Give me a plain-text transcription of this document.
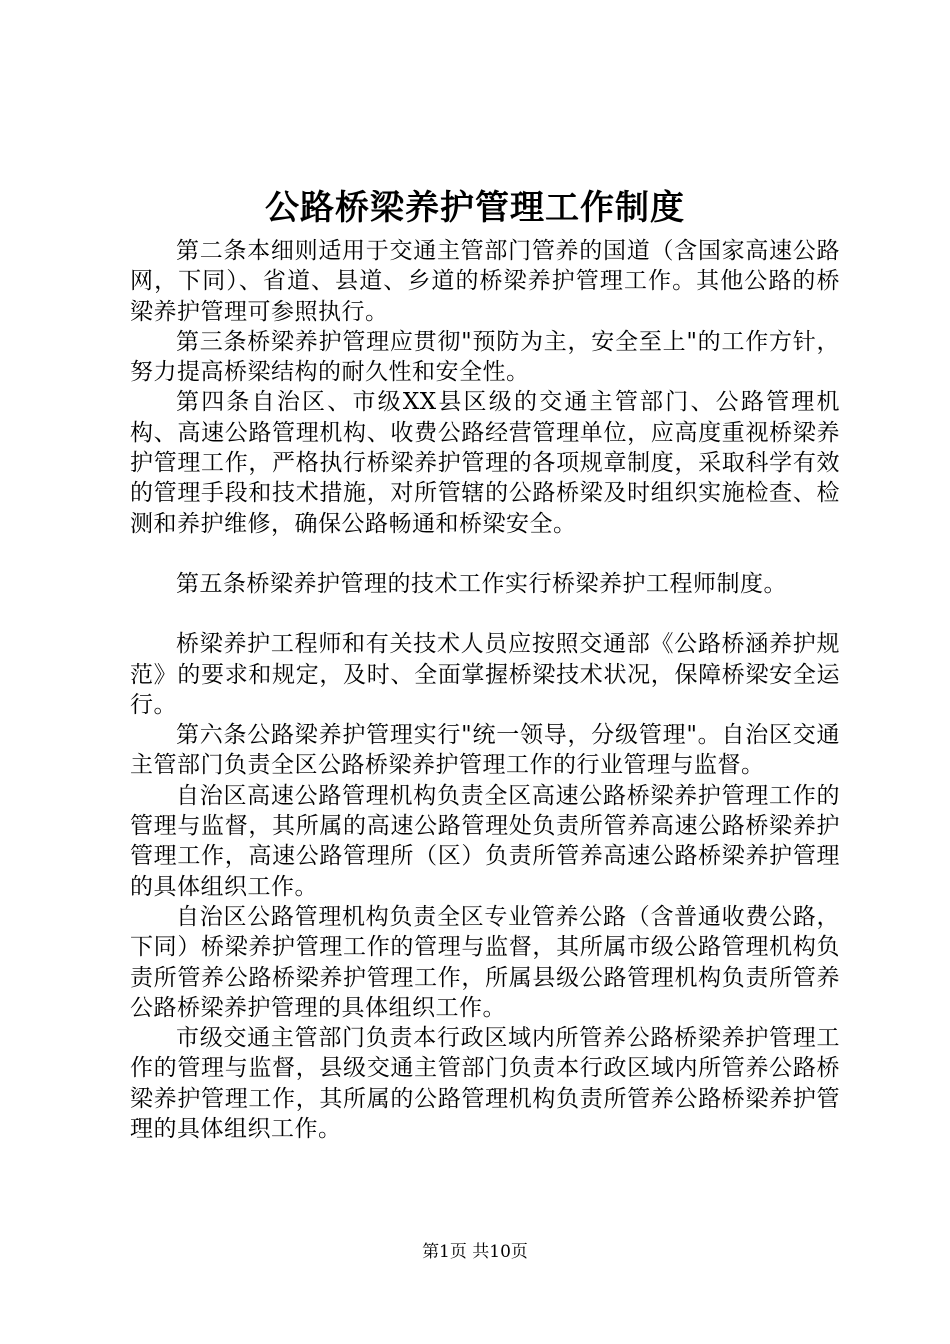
公路桥梁养护管理工作制度

第二条本细则适用于交通主管部门管养的国道（含国家高速公路网，下同）、省道、县道、乡道的桥梁养护管理工作。其他公路的桥梁养护管理可参照执行。

第三条桥梁养护管理应贯彻"预防为主，安全至上"的工作方针，努力提高桥梁结构的耐久性和安全性。

第四条自治区、市级XX县区级的交通主管部门、公路管理机构、高速公路管理机构、收费公路经营管理单位，应高度重视桥梁养护管理工作，严格执行桥梁养护管理的各项规章制度，采取科学有效的管理手段和技术措施，对所管辖的公路桥梁及时组织实施检查、检测和养护维修，确保公路畅通和桥梁安全。

第五条桥梁养护管理的技术工作实行桥梁养护工程师制度。

桥梁养护工程师和有关技术人员应按照交通部《公路桥涵养护规范》的要求和规定，及时、全面掌握桥梁技术状况，保障桥梁安全运行。

第六条公路梁养护管理实行"统一领导，分级管理"。自治区交通主管部门负责全区公路桥梁养护管理工作的行业管理与监督。

自治区高速公路管理机构负责全区高速公路桥梁养护管理工作的管理与监督，其所属的高速公路管理处负责所管养高速公路桥梁养护管理工作，高速公路管理所（区）负责所管养高速公路桥梁养护管理的具体组织工作。

自治区公路管理机构负责全区专业管养公路（含普通收费公路，下同）桥梁养护管理工作的管理与监督，其所属市级公路管理机构负责所管养公路桥梁养护管理工作，所属县级公路管理机构负责所管养公路桥梁养护管理的具体组织工作。

市级交通主管部门负责本行政区域内所管养公路桥梁养护管理工作的管理与监督，县级交通主管部门负责本行政区域内所管养公路桥梁养护管理工作，其所属的公路管理机构负责所管养公路桥梁养护管理的具体组织工作。

第1页 共10页
